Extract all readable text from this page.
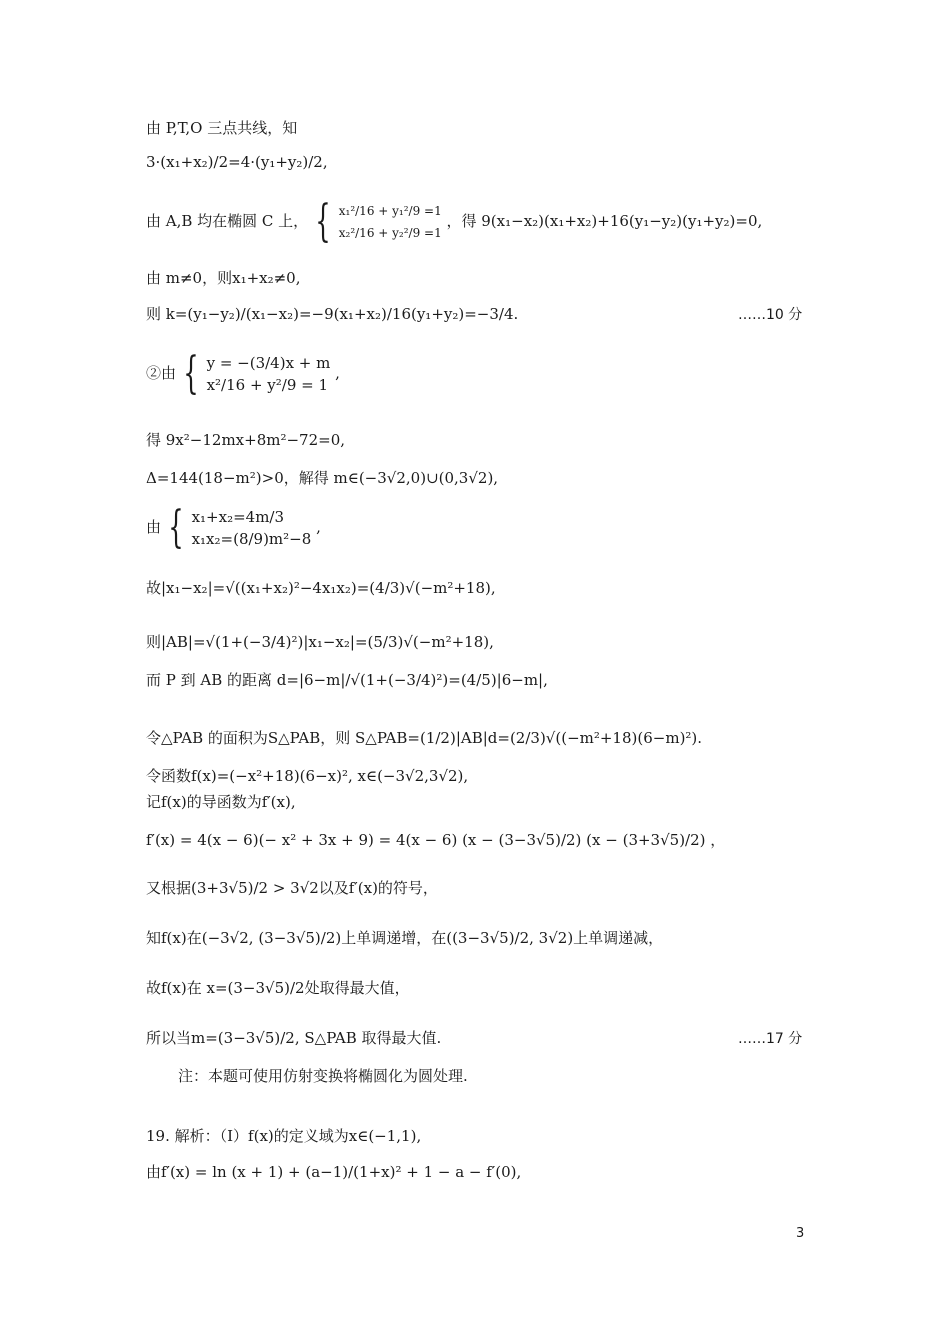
由 P,T,O 三点共线，知
3·(x₁+x₂)/2=4·(y₁+y₂)/2,
由 A,B 均在椭圆 C 上， { x₁²/16 + y₁²/9 =1
x₂²/16 + y₂²/9 =1
，得 9(x₁−x₂)(x₁+x₂)+16(y₁−y₂)(y₁+y₂)=0,
由 m≠0，则x₁+x₂≠0,
则 k=(y₁−y₂)/(x₁−x₂)=−9(x₁+x₂)/16(y₁+y₂)=−3/4.	……10 分
②由 { y = −(3/4)x + m
x²/16 + y²/9 = 1
,
得 9x²−12mx+8m²−72=0,
Δ=144(18−m²)>0，解得 m∈(−3√2,0)∪(0,3√2),
由 { x₁+x₂=4m/3
x₁x₂=(8/9)m²−8
,
故|x₁−x₂|=√((x₁+x₂)²−4x₁x₂)=(4/3)√(−m²+18),
则|AB|=√(1+(−3/4)²)|x₁−x₂|=(5/3)√(−m²+18),
而 P 到 AB 的距离 d=|6−m|/√(1+(−3/4)²)=(4/5)|6−m|,
令△PAB 的面积为S△PAB，则 S△PAB=(1/2)|AB|d=(2/3)√((−m²+18)(6−m)²).
令函数f(x)=(−x²+18)(6−x)², x∈(−3√2,3√2),
记f(x)的导函数为f′(x),
f′(x) = 4(x − 6)(− x² + 3x + 9) = 4(x − 6) (x − (3−3√5)/2) (x − (3+3√5)/2) ，
又根据(3+3√5)/2 > 3√2以及f′(x)的符号，
知f(x)在(−3√2, (3−3√5)/2)上单调递增，在((3−3√5)/2, 3√2)上单调递减，
故f(x)在 x=(3−3√5)/2处取得最大值，
所以当m=(3−3√5)/2, S△PAB 取得最大值.	……17 分
注：本题可使用仿射变换将椭圆化为圆处理.
19. 解析：（Ⅰ）f(x)的定义域为x∈(−1,1),
由f′(x) = ln (x + 1) + (a−1)/(1+x)² + 1 − a − f′(0),
3
